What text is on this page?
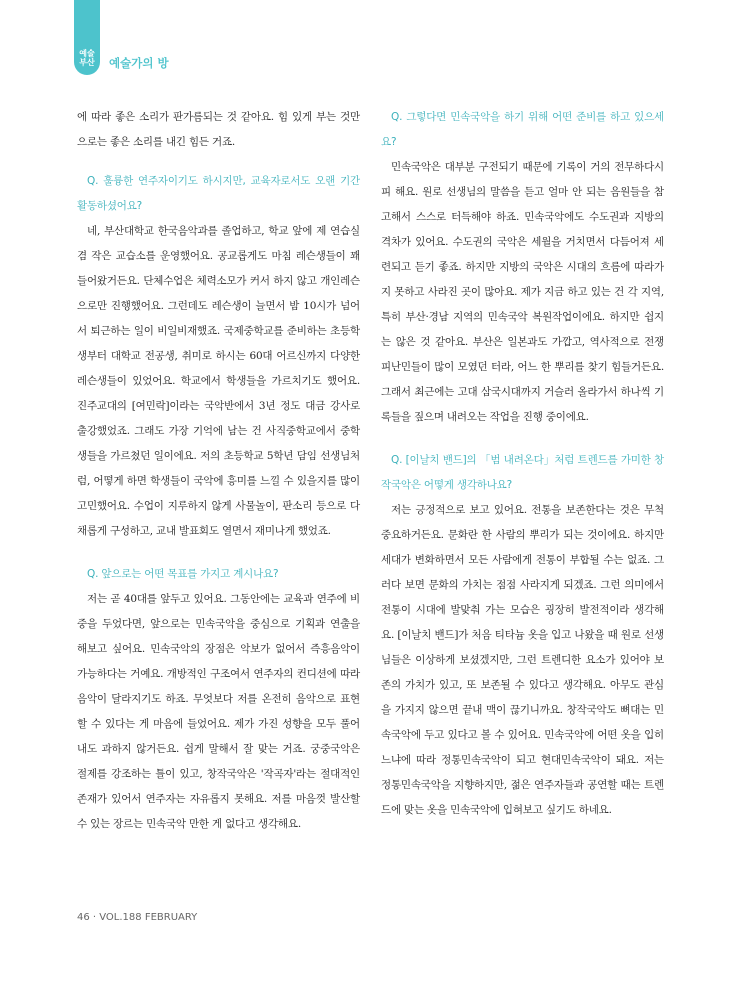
예술 부산 예술가의 방

에 따라 좋은 소리가 판가름되는 것 같아요. 힘 있게 부는 것만으로는 좋은 소리를 내긴 힘든 거죠.

Q. 훌륭한 연주자이기도 하시지만, 교육자로서도 오랜 기간 활동하셨어요?

네, 부산대학교 한국음악과를 졸업하고, 학교 앞에 제 연습실 겸 작은 교습소를 운영했어요. 공교롭게도 마침 레슨생들이 꽤 들어왔거든요. 단체수업은 체력소모가 커서 하지 않고 개인레슨으로만 진행했어요. 그런데도 레슨생이 늘면서 밤 10시가 넘어서 퇴근하는 일이 비일비재했죠. 국제중학교를 준비하는 초등학생부터 대학교 전공생, 취미로 하시는 60대 어르신까지 다양한 레슨생들이 있었어요. 학교에서 학생들을 가르치기도 했어요. 진주교대의 [여민락]이라는 국악반에서 3년 정도 대금 강사로 출강했었죠. 그래도 가장 기억에 남는 건 사직중학교에서 중학생들을 가르쳤던 일이에요. 저의 초등학교 5학년 담임 선생님처럼, 어떻게 하면 학생들이 국악에 흥미를 느낄 수 있을지를 많이 고민했어요. 수업이 지루하지 않게 사물놀이, 판소리 등으로 다채롭게 구성하고, 교내 발표회도 열면서 재미나게 했었죠.

Q. 앞으로는 어떤 목표를 가지고 계시나요?

저는 곧 40대를 앞두고 있어요. 그동안에는 교육과 연주에 비중을 두었다면, 앞으로는 민속국악을 중심으로 기획과 연출을 해보고 싶어요. 민속국악의 장점은 악보가 없어서 즉흥음악이 가능하다는 거예요. 개방적인 구조여서 연주자의 컨디션에 따라 음악이 달라지기도 하죠. 무엇보다 저를 온전히 음악으로 표현할 수 있다는 게 마음에 들었어요. 제가 가진 성향을 모두 풀어내도 과하지 않거든요. 쉽게 말해서 잘 맞는 거죠. 궁중국악은 절제를 강조하는 틀이 있고, 창작국악은 '작곡자'라는 절대적인 존재가 있어서 연주자는 자유롭지 못해요. 저를 마음껏 발산할 수 있는 장르는 민속국악 만한 게 없다고 생각해요.

Q. 그렇다면 민속국악을 하기 위해 어떤 준비를 하고 있으세요?

민속국악은 대부분 구전되기 때문에 기록이 거의 전무하다시피 해요. 원로 선생님의 말씀을 듣고 얼마 안 되는 음원들을 참고해서 스스로 터득해야 하죠. 민속국악에도 수도권과 지방의 격차가 있어요. 수도권의 국악은 세월을 거치면서 다듬어져 세련되고 듣기 좋죠. 하지만 지방의 국악은 시대의 흐름에 따라가지 못하고 사라진 곳이 많아요. 제가 지금 하고 있는 건 각 지역, 특히 부산·경남 지역의 민속국악 복원작업이에요. 하지만 쉽지는 않은 것 같아요. 부산은 일본과도 가깝고, 역사적으로 전쟁 피난민들이 많이 모였던 터라, 어느 한 뿌리를 찾기 힘들거든요. 그래서 최근에는 고대 삼국시대까지 거슬러 올라가서 하나씩 기록들을 짚으며 내려오는 작업을 진행 중이에요.

Q. [이날치 밴드]의 「범 내려온다」처럼 트렌드를 가미한 창작국악은 어떻게 생각하나요?

저는 긍정적으로 보고 있어요. 전통을 보존한다는 것은 무척 중요하거든요. 문화란 한 사람의 뿌리가 되는 것이에요. 하지만 세대가 변화하면서 모든 사람에게 전통이 부합될 수는 없죠. 그러다 보면 문화의 가치는 점점 사라지게 되겠죠. 그런 의미에서 전통이 시대에 발맞춰 가는 모습은 굉장히 발전적이라 생각해요. [이날치 밴드]가 처음 티타늄 옷을 입고 나왔을 때 원로 선생님들은 이상하게 보셨겠지만, 그런 트렌디한 요소가 있어야 보존의 가치가 있고, 또 보존될 수 있다고 생각해요. 아무도 관심을 가지지 않으면 끝내 맥이 끊기니까요. 창작국악도 뼈대는 민속국악에 두고 있다고 볼 수 있어요. 민속국악에 어떤 옷을 입히느냐에 따라 정통민속국악이 되고 현대민속국악이 돼요. 저는 정통민속국악을 지향하지만, 젊은 연주자들과 공연할 때는 트렌드에 맞는 옷을 민속국악에 입혀보고 싶기도 하네요.

46 · VOL.188 FEBRUARY
